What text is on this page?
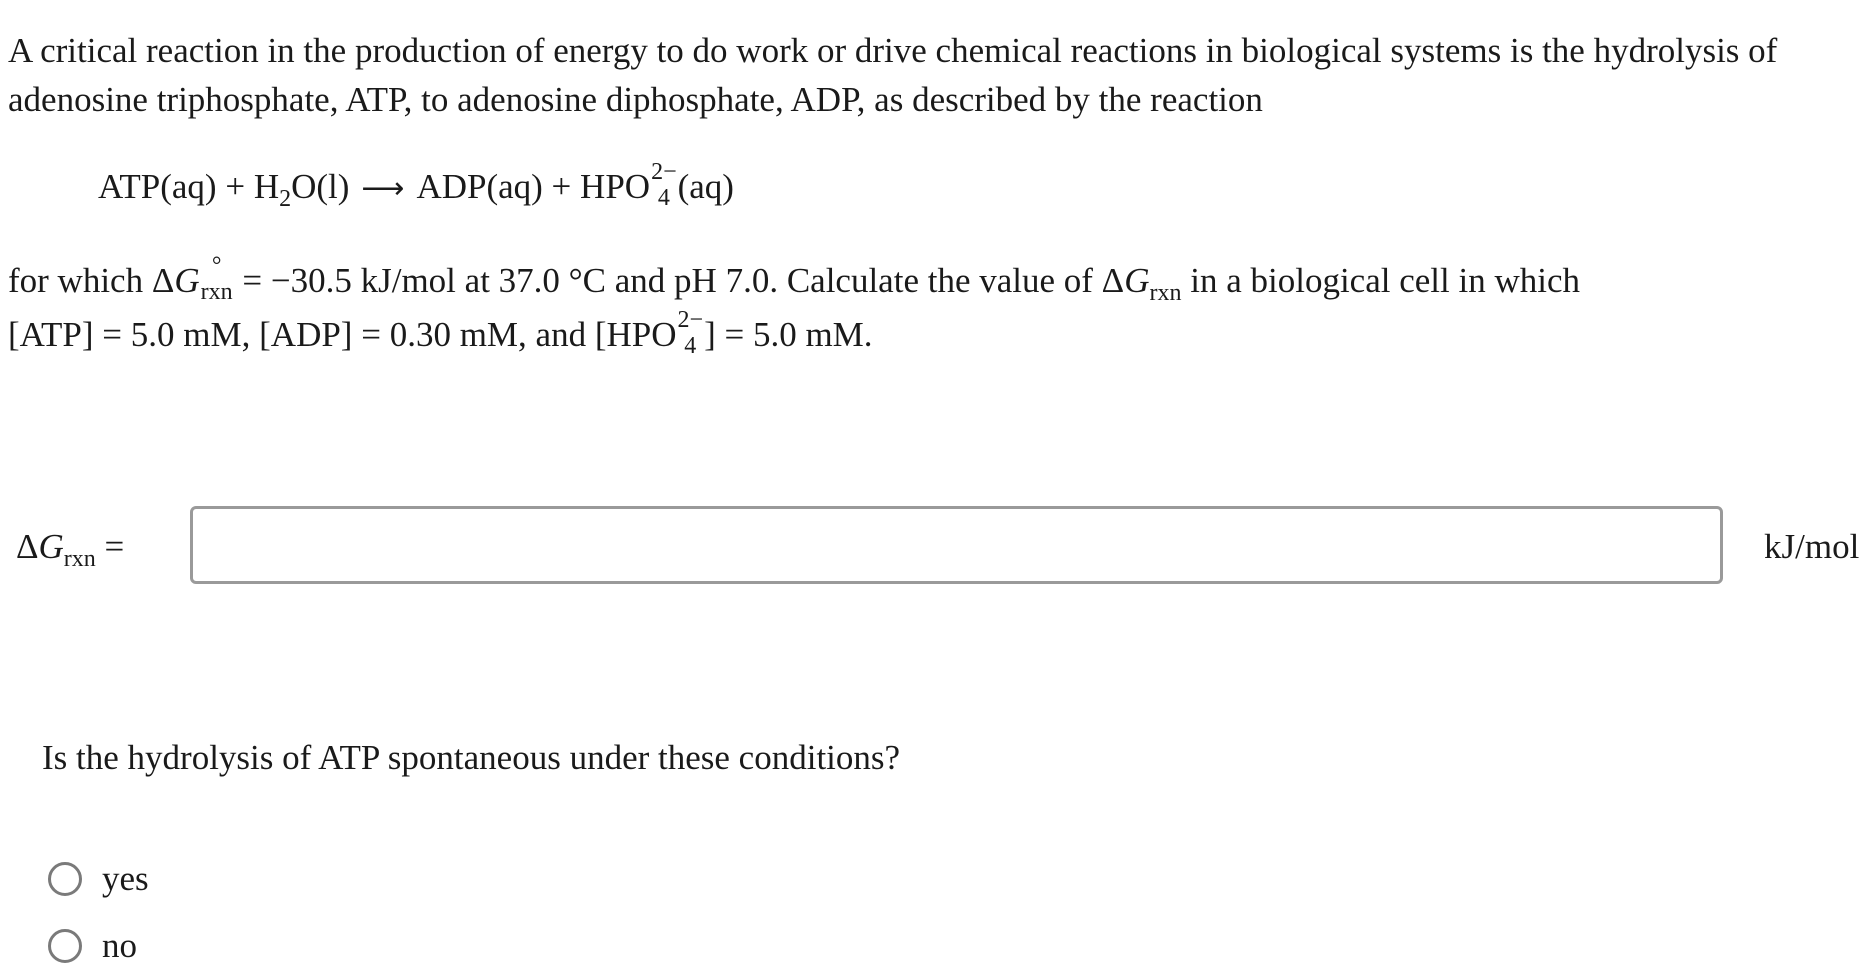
A critical reaction in the production of energy to do work or drive chemical reactions in biological systems is the hydrolysis of
adenosine triphosphate, ATP, to adenosine diphosphate, ADP, as described by the reaction

$ATP(aq) + H_2O(l)$ ⟶ ADP(aq) + HPO 2−
4 (aq)

for which ΔG °
rxn = −30.5 kJ/mol at 37.0 °C and pH 7.0. Calculate the value of $\Delta G_{rxn}$ in a biological cell in which
[ATP] = 5.0 mM, [ADP] = 0.30 mM, and [HPO 2−
4 ] = 5.0 mM.

$\Delta G_{rxn}$ =	kJ/mol
Is the hydrolysis of ATP spontaneous under these conditions?
yes
no
